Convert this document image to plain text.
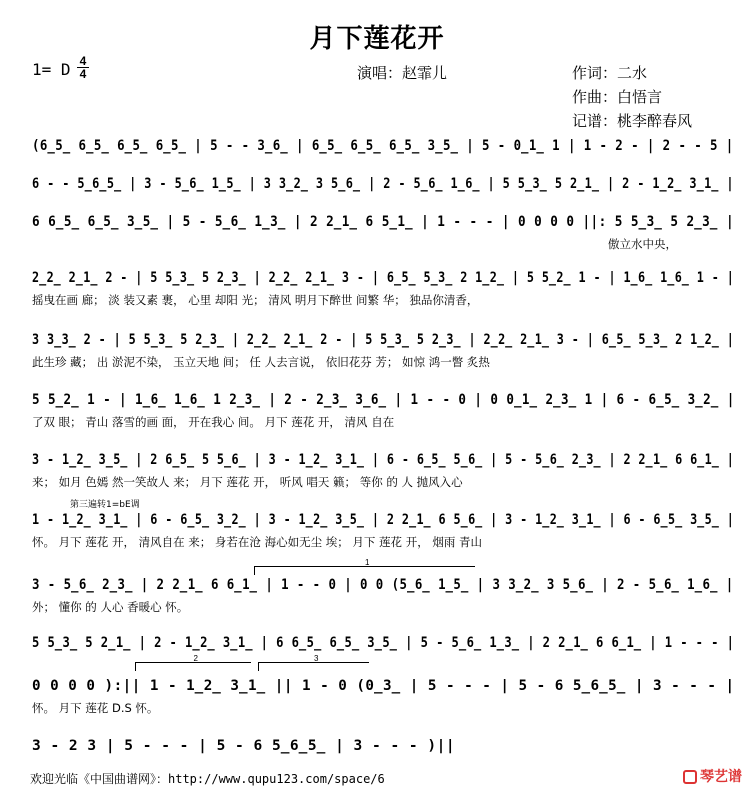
月下莲花开
1= D 4
4	演唱：赵霏儿	作词：二水
作曲：白悟言
记谱：桃李醉春风
(6̲5̲ 6̲5̲ 6̲5̲ 6̲5̲ | 5 - - 3̲6̲ | 6̲5̲ 6̲5̲ 6̲5̲ 3̲5̲ | 5 - 0̲1̲ 1 | 1 - 2 - | 2 - - 5 |
6 - - 5̲6̲5̲ | 3 - 5̲6̲ 1̲5̲ | 3 3̲2̲ 3 5̲6̲ | 2 - 5̲6̲ 1̲6̲ | 5 5̲3̲ 5 2̲1̲ | 2 - 1̲2̲ 3̲1̲ |
6 6̲5̲ 6̲5̲ 3̲5̲ | 5 - 5̲6̲ 1̲3̲ | 2 2̲1̲ 6 5̲1̲ | 1 - - - | 0 0 0 0 ||: 5 5̲3̲ 5 2̲3̲ |
傲立水中央，
2̲2̲ 2̲1̲ 2 - | 5 5̲3̲ 5 2̲3̲ | 2̲2̲ 2̲1̲ 3 - | 6̲5̲ 5̲3̲ 2 1̲2̲ | 5 5̲2̲ 1 - | 1̲6̲ 1̲6̲ 1 - |
摇曳在画 廊； 淡 装又素 裹， 心里 却阳 光； 清风 明月下醉世 间繁 华； 独品你清香，
3 3̲3̲ 2 - | 5 5̲3̲ 5 2̲3̲ | 2̲2̲ 2̲1̲ 2 - | 5 5̲3̲ 5 2̲3̲ | 2̲2̲ 2̲1̲ 3 - | 6̲5̲ 5̲3̲ 2 1̲2̲ |
此生珍 藏； 出 淤泥不染， 玉立天地 间； 任 人去言说， 依旧花芬 芳； 如惊 鸿一瞥 炙热
5 5̲2̲ 1 - | 1̲6̲ 1̲6̲ 1 2̲3̲ | 2 - 2̲3̲ 3̲6̲ | 1 - - 0 | 0 0̲1̲ 2̲3̲ 1 | 6 - 6̲5̲ 3̲2̲ |
了双 眼； 青山 落雪的画 面， 开在我心 间。 月下 莲花 开， 清风 自在
3 - 1̲2̲ 3̲5̲ | 2 6̲5̲ 5 5̲6̲ | 3 - 1̲2̲ 3̲1̲ | 6 - 6̲5̲ 5̲6̲ | 5 - 5̲6̲ 2̲3̲ | 2 2̲1̲ 6 6̲1̲ |
来； 如月 色嫣 然一笑故人 来； 月下 莲花 开， 听风 唱天 籁； 等你 的 人 抛风入心
1 - 1̲2̲ 3̲1̲ | 6 - 6̲5̲ 3̲2̲ | 3 - 1̲2̲ 3̲5̲ | 2 2̲1̲ 6 5̲6̲ | 3 - 1̲2̲ 3̲1̲ | 6 - 6̲5̲ 3̲5̲ |
怀。 月下 莲花 开， 清风自在 来； 身若在沧 海心如无尘 埃； 月下 莲花 开， 烟雨 青山
3 - 5̲6̲ 2̲3̲ | 2 2̲1̲ 6 6̲1̲ | 1 - - 0 | 0 0 (5̲6̲ 1̲5̲ | 3 3̲2̲ 3 5̲6̲ | 2 - 5̲6̲ 1̲6̲ |
外； 懂你 的 人心 香暖心 怀。
5 5̲3̲ 5 2̲1̲ | 2 - 1̲2̲ 3̲1̲ | 6 6̲5̲ 6̲5̲ 3̲5̲ | 5 - 5̲6̲ 1̲3̲ | 2 2̲1̲ 6 6̲1̲ | 1 - - - |
0 0 0 0 ):|| 1 - 1̲2̲ 3̲1̲ || 1 - 0 (0̲3̲ | 5 - - - | 5 - 6 5̲6̲5̲ | 3 - - - |
怀。 月下 莲花 D.S 怀。
3 - 2 3 | 5 - - - | 5 - 6 5̲6̲5̲ | 3 - - - )||
第三遍转1=bE调
1
2	3
欢迎光临《中国曲谱网》：http://www.qupu123.com/space/6	琴艺谱
